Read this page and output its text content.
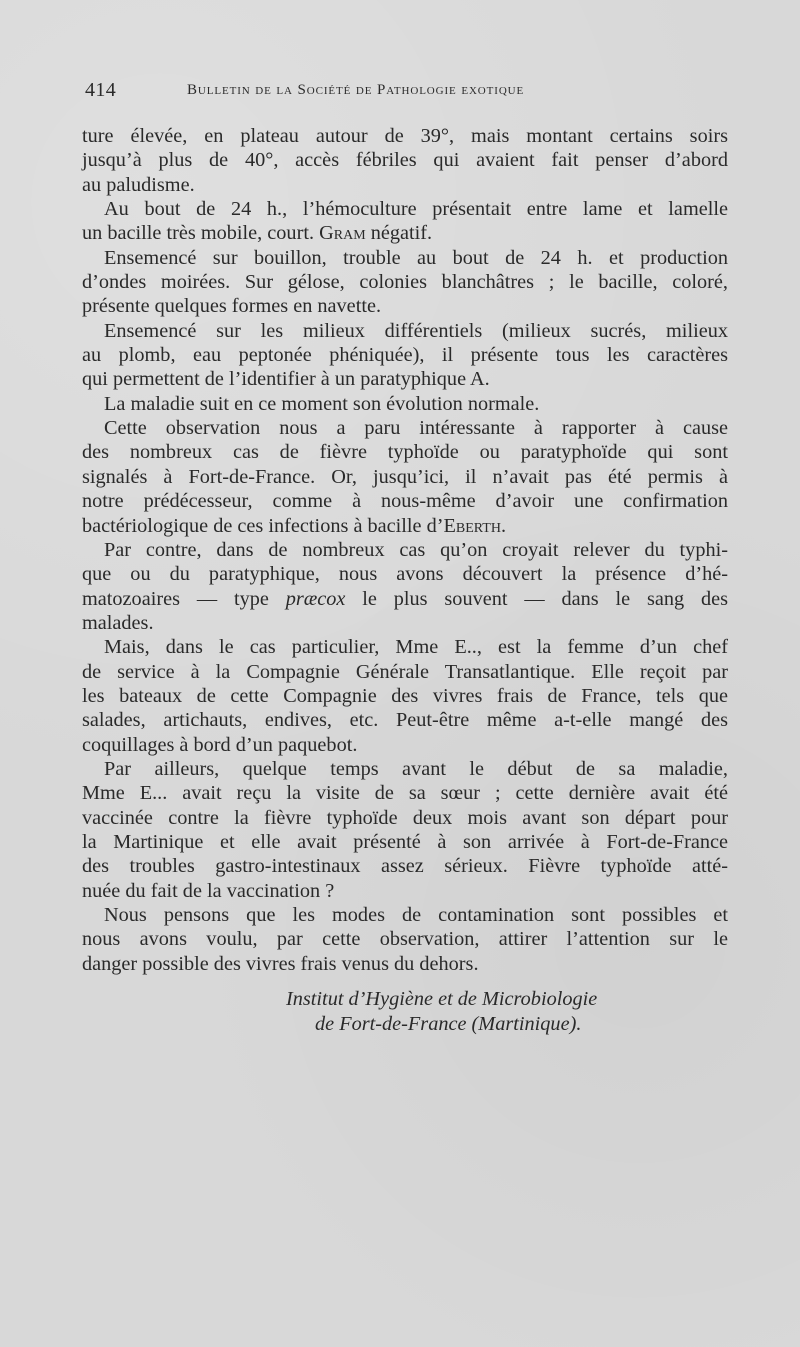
414	Bulletin de la Société de Pathologie exotique
ture élevée, en plateau autour de 39°, mais montant certains soirs
jusqu’à plus de 40°, accès fébriles qui avaient fait penser d’abord
au paludisme.
Au bout de 24 h., l’hémoculture présentait entre lame et lamelle
un bacille très mobile, court. Gram négatif.
Ensemencé sur bouillon, trouble au bout de 24 h. et production
d’ondes moirées. Sur gélose, colonies blanchâtres ; le bacille, coloré,
présente quelques formes en navette.
Ensemencé sur les milieux différentiels (milieux sucrés, milieux
au plomb, eau peptonée phéniquée), il présente tous les caractères
qui permettent de l’identifier à un paratyphique A.
La maladie suit en ce moment son évolution normale.
Cette observation nous a paru intéressante à rapporter à cause
des nombreux cas de fièvre typhoïde ou paratyphoïde qui sont
signalés à Fort-de-France. Or, jusqu’ici, il n’avait pas été permis à
notre prédécesseur, comme à nous-même d’avoir une confirmation
bactériologique de ces infections à bacille d’Eberth.
Par contre, dans de nombreux cas qu’on croyait relever du typhi-
que ou du paratyphique, nous avons découvert la présence d’hé-
matozoaires — type præcox le plus souvent — dans le sang des
malades.
Mais, dans le cas particulier, Mme E.., est la femme d’un chef
de service à la Compagnie Générale Transatlantique. Elle reçoit par
les bateaux de cette Compagnie des vivres frais de France, tels que
salades, artichauts, endives, etc. Peut-être même a-t-elle mangé des
coquillages à bord d’un paquebot.
Par ailleurs, quelque temps avant le début de sa maladie,
Mme E... avait reçu la visite de sa sœur ; cette dernière avait été
vaccinée contre la fièvre typhoïde deux mois avant son départ pour
la Martinique et elle avait présenté à son arrivée à Fort-de-France
des troubles gastro-intestinaux assez sérieux. Fièvre typhoïde atté-
nuée du fait de la vaccination ?
Nous pensons que les modes de contamination sont possibles et
nous avons voulu, par cette observation, attirer l’attention sur le
danger possible des vivres frais venus du dehors.
Institut d’Hygiène et de Microbiologie
de Fort-de-France (Martinique).
